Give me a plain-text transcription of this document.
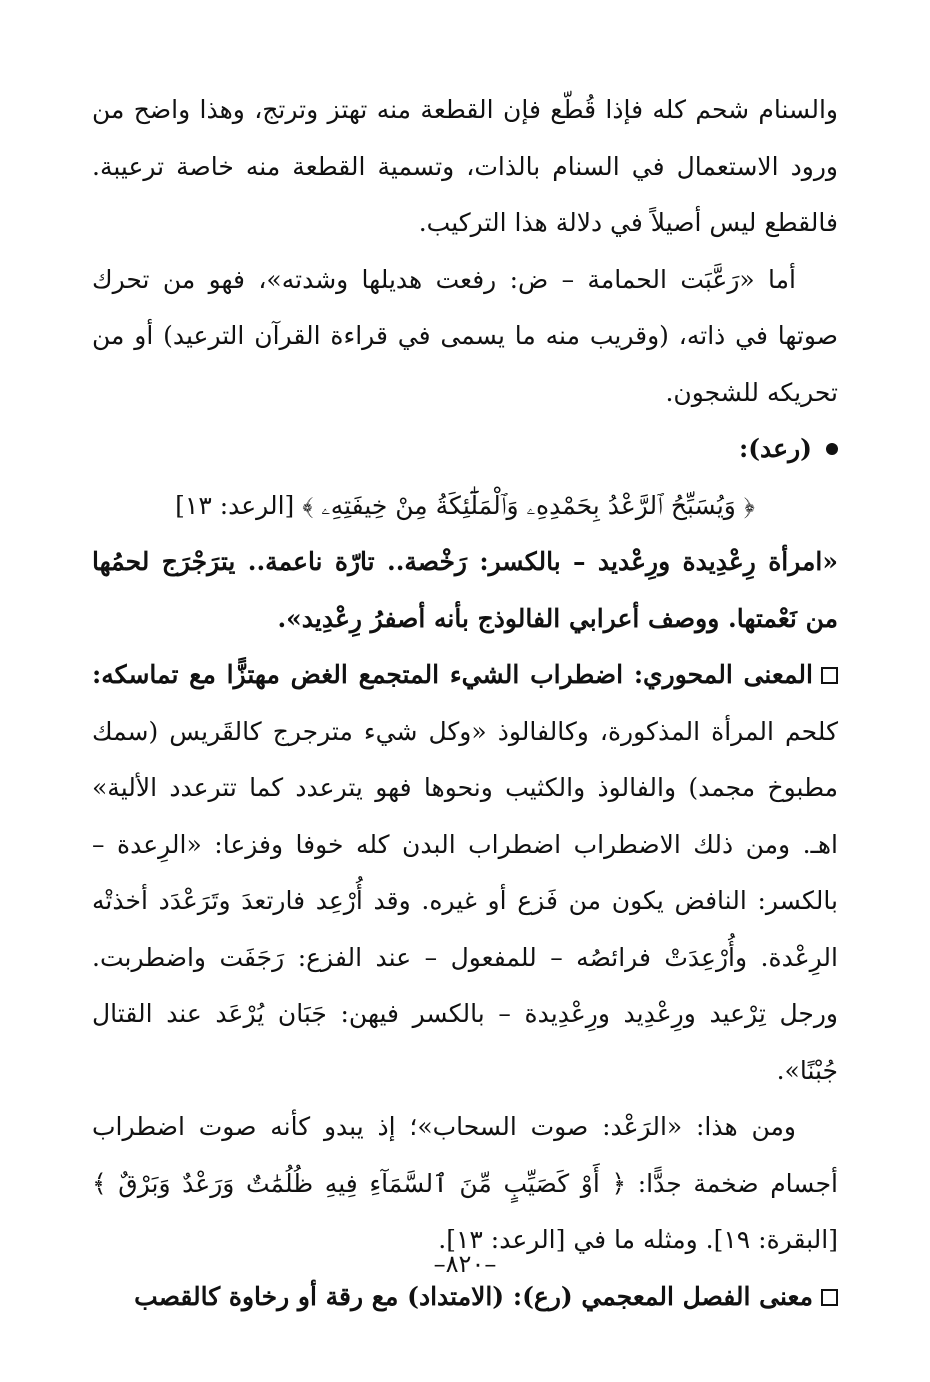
والسنام شحم كله فإذا قُطّع فإن القطعة منه تهتز وترتج، وهذا واضح من ورود الاستعمال في السنام بالذات، وتسمية القطعة منه خاصة ترعيبة. فالقطع ليس أصيلاً في دلالة هذا التركيب.

أما «رَعَّبَت الحمامة – ض: رفعت هديلها وشدته»، فهو من تحرك صوتها في ذاته، (وقريب منه ما يسمى في قراءة القرآن الترعيد) أو من تحريكه للشجون.

(رعد):

﴿ وَيُسَبِّحُ ٱلرَّعْدُ بِحَمْدِهِۦ وَٱلْمَلَٰٓئِكَةُ مِنْ خِيفَتِهِۦ ﴾ [الرعد: ١٣]

«امرأة رِعْدِيدة ورِعْديد – بالكسر: رَخْصة.. تارّة ناعمة.. يترَجْرَج لحمُها من نَعْمتها. ووصف أعرابي الفالوذج بأنه أصفرُ رِعْدِيد».

المعنى المحوري: اضطراب الشيء المتجمع الغض مهتزًّا مع تماسكه: كلحم المرأة المذكورة، وكالفالوذ «وكل شيء مترجرج كالقَريس (سمك مطبوخ مجمد) والفالوذ والكثيب ونحوها فهو يترعدد كما تترعدد الألية» اهـ. ومن ذلك الاضطراب اضطراب البدن كله خوفا وفزعا: «الرِعدة – بالكسر: النافض يكون من فَزع أو غيره. وقد أُرْعِد فارتعدَ وتَرَعْدَد أخذتْه الرِعْدة. وأُرْعِدَتْ فرائصُه – للمفعول – عند الفزع: رَجَفَت واضطربت. ورجل تِرْعيد ورِعْدِيد ورِعْدِيدة – بالكسر فيهن: جَبَان يُرْعَد عند القتال جُبْنًا».

ومن هذا: «الرَعْد: صوت السحاب»؛ إذ يبدو كأنه صوت اضطراب أجسام ضخمة جدًّا: ﴿ أَوْ كَصَيِّبٍ مِّنَ ٱلسَّمَآءِ فِيهِ ظُلُمَٰتٌ وَرَعْدٌ وَبَرْقٌ ﴾ [البقرة: ١٩]. ومثله ما في [الرعد: ١٣].

معنى الفصل المعجمي (رع): (الامتداد) مع رقة أو رخاوة كالقصب

–٨٢٠–
